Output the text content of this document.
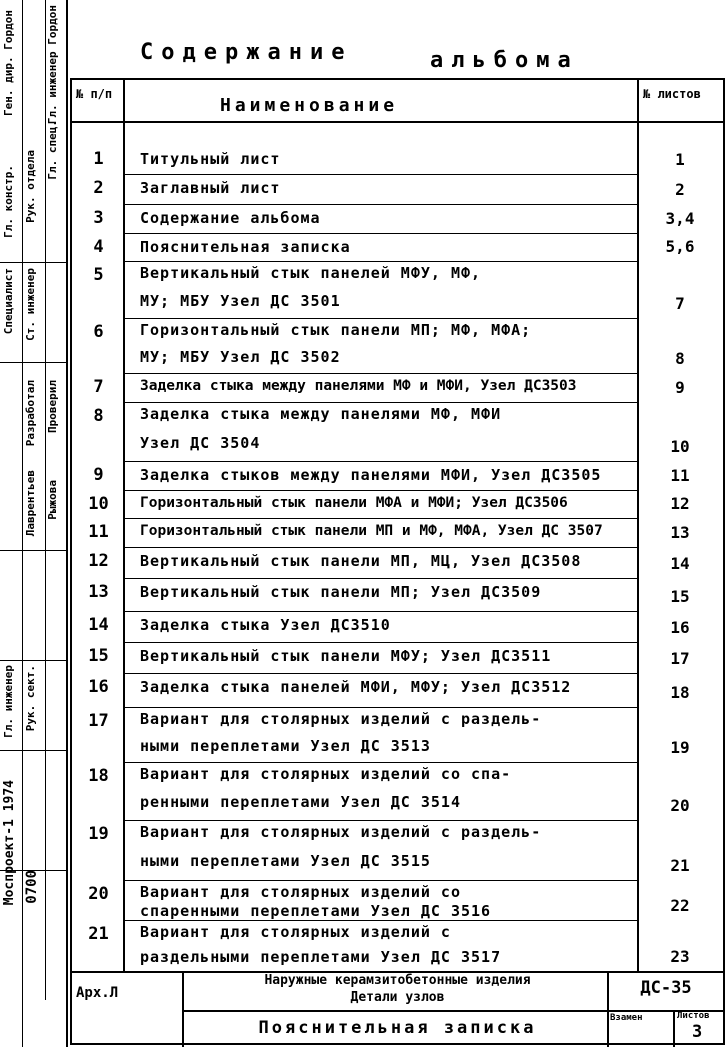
Ген. дир. Гордон	Гл. инженер Гордон
Рук. отдела
Гл. констр.
Гл. спец.
Специалист Ст. инженер
Разработал Проверил
Лаврентьев Рыжова
Гл. инженер Рук. сект.
Моспроект-1 1974 0700
Содержание	альбома
№ п/п
Наименование
№ листов
1	Титульный лист	1
2	Заглавный лист	2
3	Содержание альбома	3,4
4	Пояснительная записка	5,6
5	Вертикальный стык панелей МФУ, МФ,
МУ; МБУ Узел ДС 3501	7
6	Горизонтальный стык панели МП; МФ, МФА;
МУ; МБУ Узел ДС 3502	8
7	Заделка стыка между панелями МФ и МФИ, Узел ДС3503	9
8	Заделка стыка между панелями МФ, МФИ
Узел ДС 3504	10
9	Заделка стыков между панелями МФИ, Узел ДС3505	11
10	Горизонтальный стык панели МФА и МФИ; Узел ДС3506	12
11	Горизонтальный стык панели МП и МФ, МФА, Узел ДС 3507	13
12	Вертикальный стык панели МП, МЦ, Узел ДС3508	14
13	Вертикальный стык панели МП; Узел ДС3509	15
14	Заделка стыка Узел ДС3510	16
15	Вертикальный стык панели МФУ; Узел ДС3511	17
16	Заделка стыка панелей МФИ, МФУ; Узел ДС3512	18
17	Вариант для столярных изделий с раздель-
ными переплетами Узел ДС 3513	19
18	Вариант для столярных изделий со спа-
ренными переплетами Узел ДС 3514	20
19	Вариант для столярных изделий с раздель-
ными переплетами Узел ДС 3515	21
20	Вариант для столярных изделий со
спаренными переплетами Узел ДС 3516	22
21	Вариант для столярных изделий с
раздельными переплетами Узел ДС 3517	23
Арх.Л
Наружные керамзитобетонные изделия
Детали узлов	ДС-35
Пояснительная записка	Взамен	Листов
3
